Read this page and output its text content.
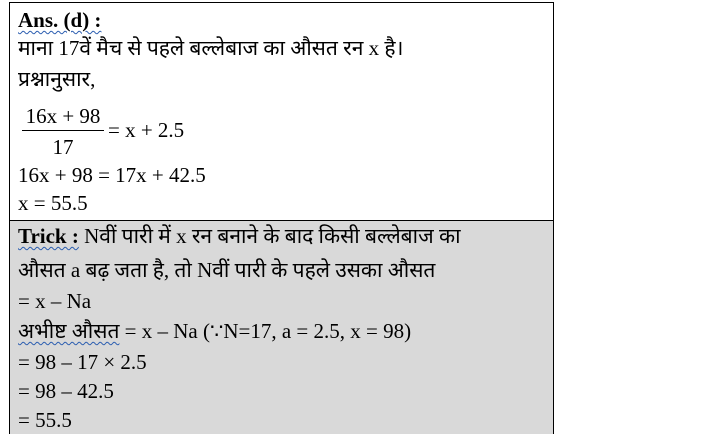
Ans. (d) :
माना 17वें मैच से पहले बल्लेबाज का औसत रन x है।
प्रश्नानुसार,
16x + 98
17
= x + 2.5
16x + 98 = 17x + 42.5
x = 55.5
Trick : Nवीं पारी में x रन बनाने के बाद किसी बल्लेबाज का
औसत a बढ़ जता है, तो Nवीं पारी के पहले उसका औसत
= x – Na
अभीष्ट औसत = x – Na (∵N=17, a = 2.5, x = 98)
= 98 – 17 × 2.5
= 98 – 42.5
= 55.5
